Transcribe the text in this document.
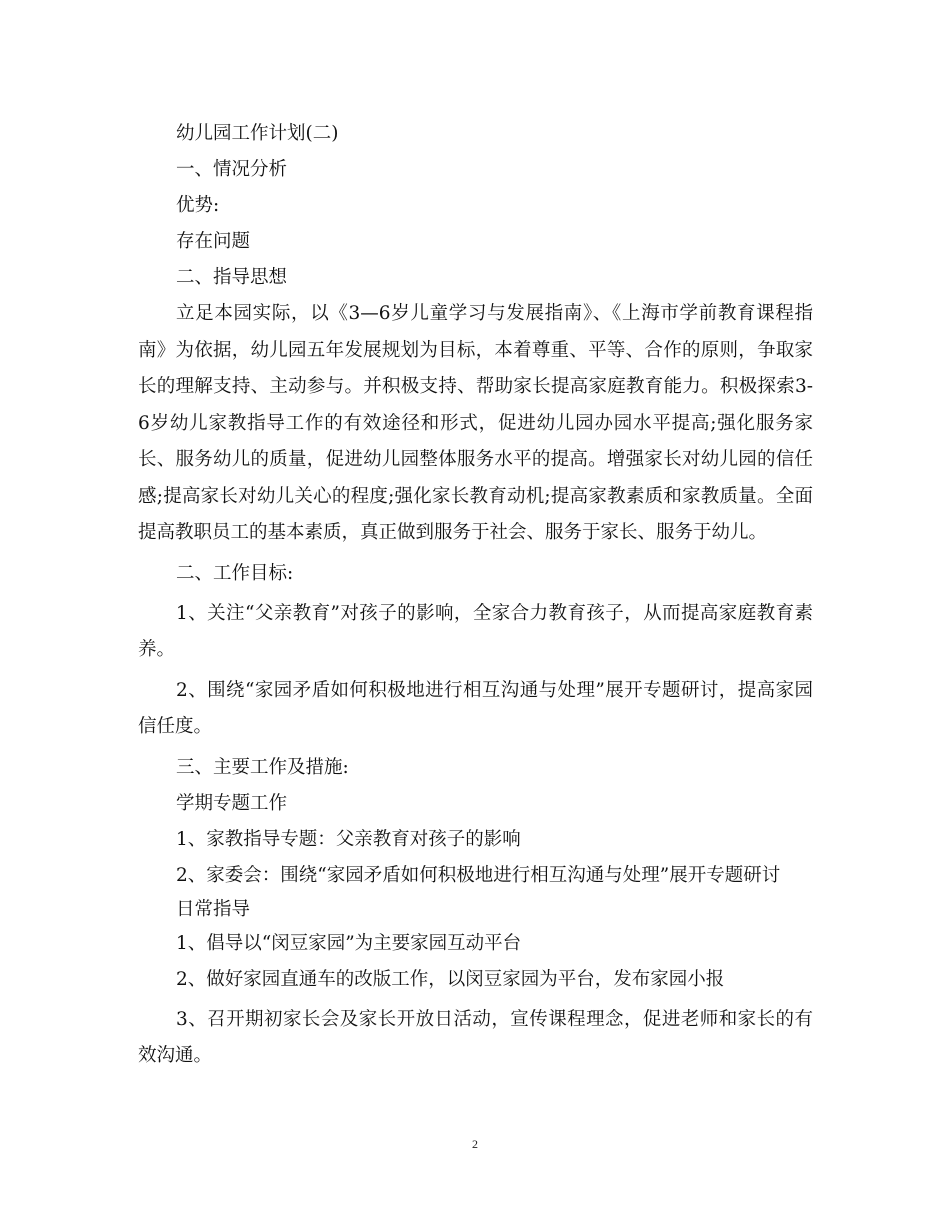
幼儿园工作计划(二)

一、情况分析

优势:

存在问题

二、指导思想

立足本园实际，以《3—6岁儿童学习与发展指南》、《上海市学前教育课程指南》为依据，幼儿园五年发展规划为目标，本着尊重、平等、合作的原则，争取家长的理解支持、主动参与。并积极支持、帮助家长提高家庭教育能力。积极探索3-6岁幼儿家教指导工作的有效途径和形式，促进幼儿园办园水平提高;强化服务家长、服务幼儿的质量，促进幼儿园整体服务水平的提高。增强家长对幼儿园的信任感;提高家长对幼儿关心的程度;强化家长教育动机;提高家教素质和家教质量。全面提高教职员工的基本素质，真正做到服务于社会、服务于家长、服务于幼儿。

二、工作目标:

1、关注“父亲教育”对孩子的影响，全家合力教育孩子，从而提高家庭教育素养。

2、围绕“家园矛盾如何积极地进行相互沟通与处理”展开专题研讨，提高家园信任度。

三、主要工作及措施:

学期专题工作

1、家教指导专题：父亲教育对孩子的影响

2、家委会：围绕“家园矛盾如何积极地进行相互沟通与处理”展开专题研讨

日常指导

1、倡导以“闵豆家园”为主要家园互动平台

2、做好家园直通车的改版工作，以闵豆家园为平台，发布家园小报

3、召开期初家长会及家长开放日活动，宣传课程理念，促进老师和家长的有效沟通。

2
